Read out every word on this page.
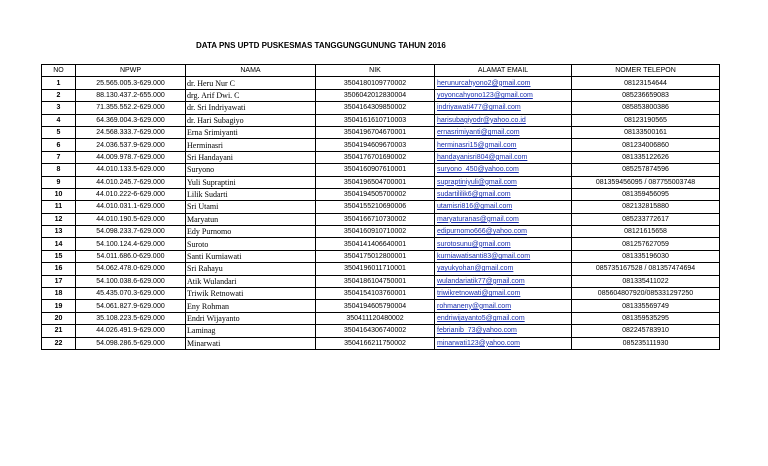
DATA PNS UPTD PUSKESMAS TANGGUNGGUNUNG TAHUN 2016
NO	NPWP	NAMA	NIK	ALAMAT EMAIL	NOMER TELEPON
1	25.565.005.3-629.000	dr. Heru Nur C	3504180109770002	herunurcahyono2@gmail.com	08123154644
2	88.130.437.2-655.000	drg. Arif Dwi. C	3506042012830004	yoyoncahyono123@gmail.com	085236659083
3	71.355.552.2-629.000	dr. Sri Indriyawati	3504164309850002	indriyawati477@gmail.com	085853800386
4	64.369.004.3-629.000	dr. Hari Subagiyo	3504161610710003	harisubagiyodr@yahoo.co.id	08123190565
5	24.568.333.7-629.000	Erna Srimiyanti	3504196704670001	ernasrimiyanti@gmail.com	08133500161
6	24.036.537.9-629.000	Herminasri	3504194609670003	herminasri15@gmail.com	081234006860
7	44.009.978.7-629.000	Sri Handayani	3504176701690002	handayanisri804@gmail.com	081335122626
8	44.010.133.5-629.000	Suryono	3504160907610001	suryono_450@yahoo.com	085257874596
9	44.010.245.7-629.000	Yuli Supraptini	3504196504700001	supraptiniyuli@gmail.com	081359456095 / 087755003748
10	44.010.222-6-629.000	Lilik Sudarti	3504194505700002	sudartililik6@gmail.com	081359456095
11	44.010.031.1-629.000	Sri Utami	3504155210690006	utamisri816@gmail.com	082132815880
12	44.010.190.5-629.000	Maryatun	3504166710730002	maryaturanas@gmail.com	085233772617
13	54.098.233.7-629.000	Edy Purnomo	3504160910710002	edipurnomo666@yahoo.com	08121615658
14	54.100.124.4-629.000	Suroto	3504141406640001	surotosunu@gmail.com	081257627059
15	54.011.686.0-629.000	Santi Kurniawati	3504175012800001	kurniawatisanti83@gmail.com	081335196030
16	54.062.478.0-629.000	Sri Rahayu	3504196011710001	yayukyohan@gmail.com	085735167528 / 081357474694
17	54.100.038.6-629.000	Atik Wulandari	3504186104750001	wulandariatik77@gmail.com	081335411022
18	45.435.070.3-629.000	Triwik Retnowati	3504154103760001	triwikretnowati@gmail.com	085604807920/085331297250
19	54.061.827.9-629.000	Eny Rohman	3504194605790004	rohmaneny@gmail.com	081335569749
20	35.108.223.5-629.000	Endri Wijayanto	350411120480002	endriwijayanto5@gmail.com	081359535295
21	44.026.491.9-629.000	Laminag	3504164306740002	febrianib_73@yahoo.com	082245783910
22	54.098.286.5-629.000	Minarwati	3504166211750002	minarwati123@yahoo.com	085235111930
